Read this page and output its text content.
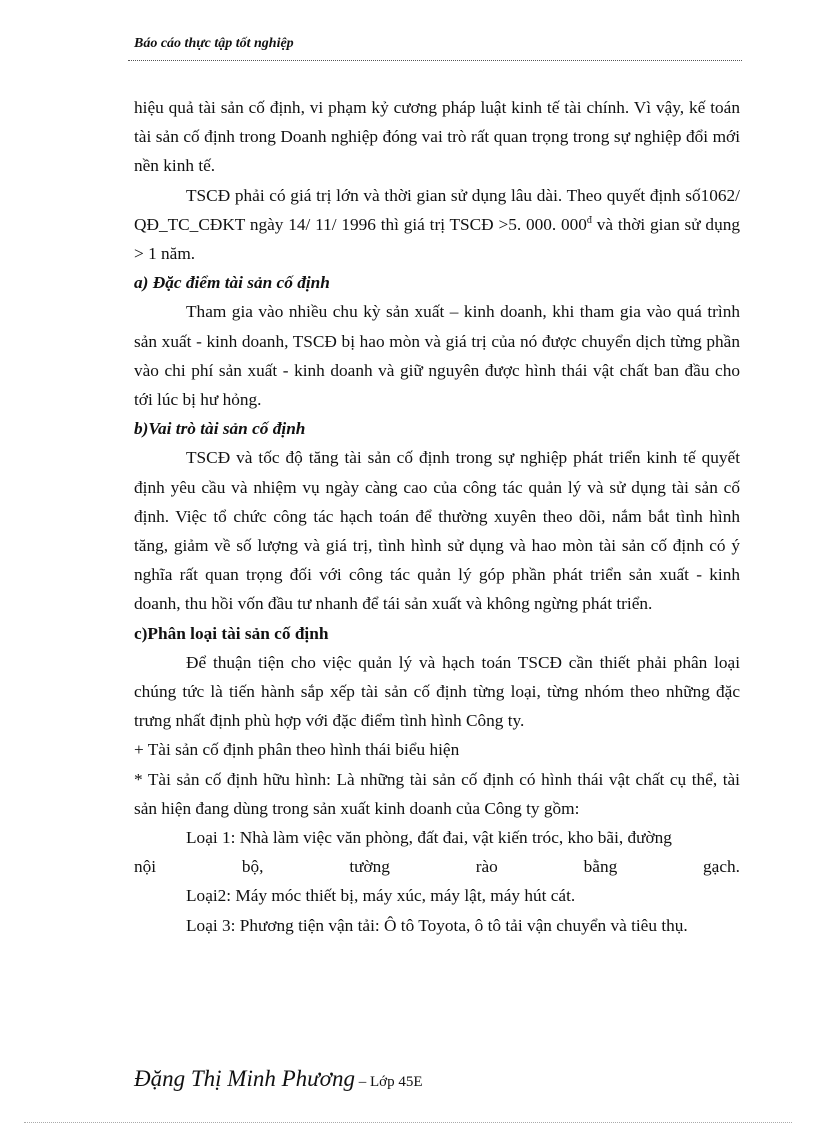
Báo cáo thực tập tốt nghiệp

hiệu quả tài sản cố định, vi phạm kỷ cương pháp luật kinh tế tài chính. Vì vậy, kế toán tài sản cố định trong Doanh nghiệp đóng vai trò rất quan trọng trong sự nghiệp đổi mới nền kinh tế.

TSCĐ phải có giá trị lớn và thời gian sử dụng lâu dài. Theo quyết định số1062/ QĐ_TC_CĐKT ngày 14/ 11/ 1996 thì giá trị TSCĐ >5. 000. $000^đ$ và thời gian sử dụng > 1 năm.

a) Đặc điểm tài sản cố định

Tham gia vào nhiều chu kỳ sản xuất – kinh doanh, khi tham gia vào quá trình sản xuất - kinh doanh, TSCĐ bị hao mòn và giá trị của nó được chuyển dịch từng phần vào chi phí sản xuất - kinh doanh và giữ nguyên được hình thái vật chất ban đầu cho tới lúc bị hư hỏng.

b)Vai trò tài sản cố định

TSCĐ và tốc độ tăng tài sản cố định trong sự nghiệp phát triển kinh tế quyết định yêu cầu và nhiệm vụ ngày càng cao của công tác quản lý và sử dụng tài sản cố định. Việc tổ chức công tác hạch toán để thường xuyên theo dõi, nắm bắt tình hình tăng, giảm về số lượng và giá trị, tình hình sử dụng và hao mòn tài sản cố định có ý nghĩa rất quan trọng đối với công tác quản lý góp phần phát triển sản xuất - kinh doanh, thu hồi vốn đầu tư nhanh để tái sản xuất và không ngừng phát triển.

c)Phân loại tài sản cố định

Để thuận tiện cho việc quản lý và hạch toán TSCĐ cần thiết phải phân loại chúng tức là tiến hành sắp xếp tài sản cố định từng loại, từng nhóm theo những đặc trưng nhất định phù hợp với đặc điểm tình hình Công ty.

+ Tài sản cố định phân theo hình thái biểu hiện

* Tài sản cố định hữu hình: Là những tài sản cố định có hình thái vật chất cụ thể, tài sản hiện đang dùng trong sản xuất kinh doanh của Công ty gồm:

Loại 1: Nhà làm việc văn phòng, đất đai, vật kiến tróc, kho bãi, đường

nội bộ, tường rào bằng gạch.

Loại2: Máy móc thiết bị, máy xúc, máy lật, máy hút cát.

Loại 3: Phương tiện vận tải: Ô tô Toyota, ô tô tải vận chuyển và tiêu thụ.

Đặng Thị Minh Phương – Lớp 45E
